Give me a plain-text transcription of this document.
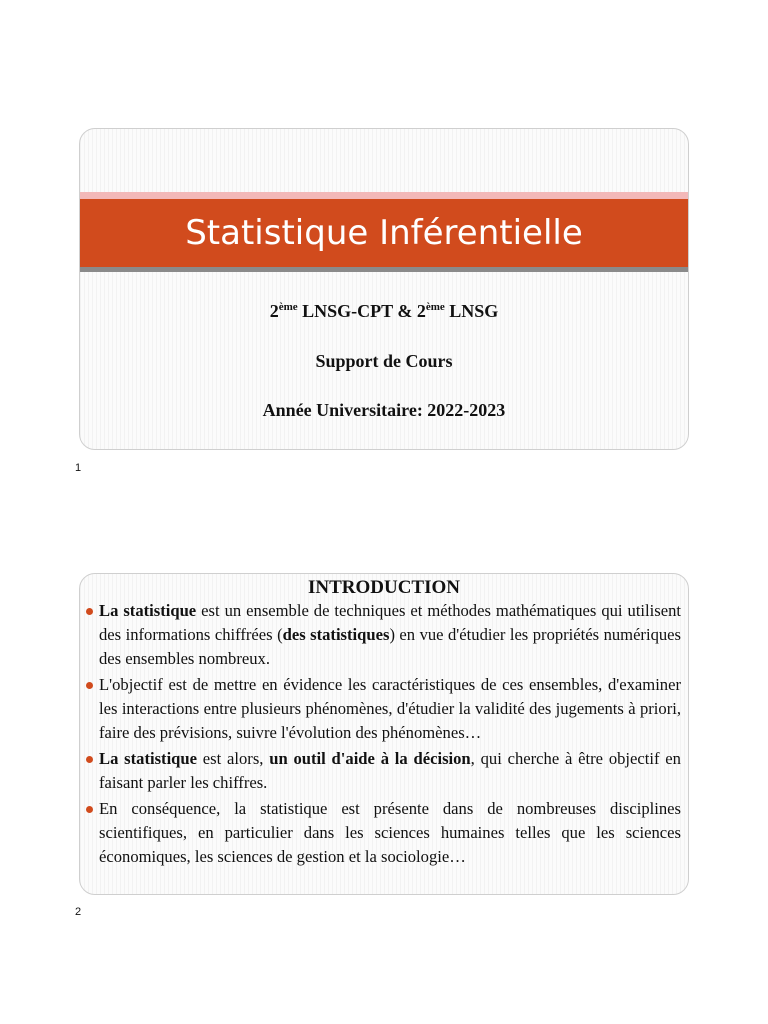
Statistique Inférentielle
2ème LNSG-CPT & 2ème LNSG
Support de Cours
Année Universitaire: 2022-2023
1
INTRODUCTION
La statistique est un ensemble de techniques et méthodes mathématiques qui utilisent des informations chiffrées (des statistiques) en vue d'étudier les propriétés numériques des ensembles nombreux.
L'objectif est de mettre en évidence les caractéristiques de ces ensembles, d'examiner les interactions entre plusieurs phénomènes, d'étudier la validité des jugements à priori, faire des prévisions, suivre l'évolution des phénomènes…
La statistique est alors, un outil d'aide à la décision, qui cherche à être objectif en faisant parler les chiffres.
En conséquence, la statistique est présente dans de nombreuses disciplines scientifiques, en particulier dans les sciences humaines telles que les sciences économiques, les sciences de gestion et la sociologie…
2
